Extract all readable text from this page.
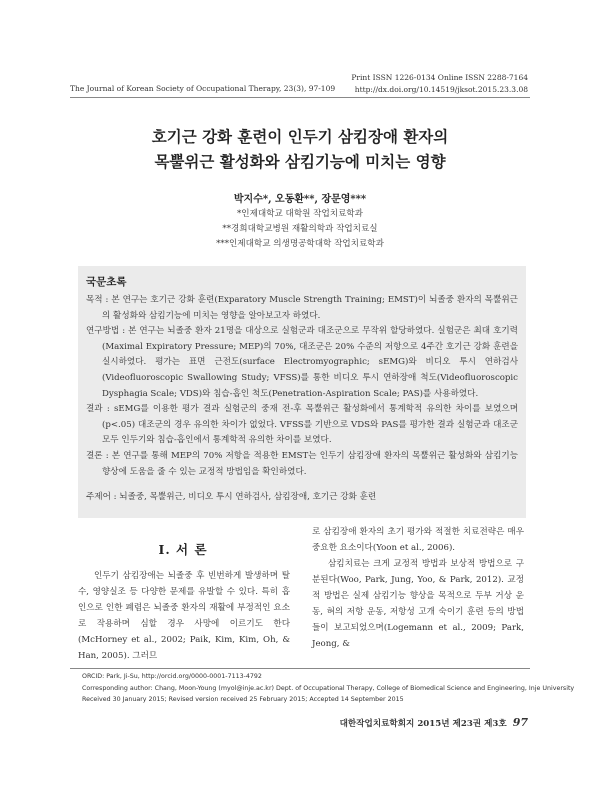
The Journal of Korean Society of Occupational Therapy, 23(3), 97-109
Print ISSN 1226-0134 Online ISSN 2288-7164
http://dx.doi.org/10.14519/jksot.2015.23.3.08
호기근 강화 훈련이 인두기 삼킴장애 환자의
목뿔위근 활성화와 삼킴기능에 미치는 영향
박지수*, 오동환**, 장문영***
*인제대학교 대학원 작업치료학과
**경희대학교병원 재활의학과 작업치료실
***인제대학교 의생명공학대학 작업치료학과
국문초록

목적 : 본 연구는 호기근 강화 훈련(Exparatory Muscle Strength Training; EMST)이 뇌졸중 환자의 목뿔위근의 활성화와 삼킴기능에 미치는 영향을 알아보고자 하였다.

연구방법 : 본 연구는 뇌졸중 환자 21명을 대상으로 실험군과 대조군으로 무작위 할당하였다. 실험군은 최대 호기력(Maximal Expiratory Pressure; MEP)의 70%, 대조군은 20% 수준의 저항으로 4주간 호기근 강화 훈련을 실시하였다. 평가는 표면 근전도(surface Electromyographic; sEMG)와 비디오 투시 연하검사(Videofluoroscopic Swallowing Study; VFSS)를 통한 비디오 투시 연하장애 척도(Videofluoroscopic Dysphagia Scale; VDS)와 침습-흡인 척도(Penetration-Aspiration Scale; PAS)를 사용하였다.

결과 : sEMG를 이용한 평가 결과 실험군의 중재 전-후 목뿔위근 활성화에서 통계학적 유의한 차이를 보였으며(p<.05) 대조군의 경우 유의한 차이가 없었다. VFSS를 기반으로 VDS와 PAS를 평가한 결과 실험군과 대조군 모두 인두기와 침습-흡인에서 통계학적 유의한 차이를 보였다.

결론 : 본 연구를 통해 MEP의 70% 저항을 적용한 EMST는 인두기 삼킴장애 환자의 목뿔위근 활성화와 삼킴기능 향상에 도움을 줄 수 있는 교정적 방법임을 확인하였다.

주제어 : 뇌졸중, 목뿔위근, 비디오 투시 연하검사, 삼킴장애, 호기근 강화 훈련
Ⅰ. 서 론

인두기 삼킴장애는 뇌졸중 후 빈번하게 발생하며 탈수, 영양실조 등 다양한 문제를 유발할 수 있다. 특히 흡인으로 인한 폐렴은 뇌졸중 환자의 재활에 부정적인 요소로 작용하며 심할 경우 사망에 이르기도 한다(McHorney et al., 2002; Paik, Kim, Kim, Oh, & Han, 2005). 그러므

로 삼킴장애 환자의 초기 평가와 적절한 치료전략은 매우 중요한 요소이다(Yoon et al., 2006).

삼킴치료는 크게 교정적 방법과 보상적 방법으로 구분된다(Woo, Park, Jung, Yoo, & Park, 2012). 교정적 방법은 실제 삼킴기능 향상을 목적으로 두부 거상 운동, 혀의 저항 운동, 저항성 고개 숙이기 훈련 등의 방법들이 보고되었으며(Logemann et al., 2009; Park, Jeong, &

ORCID: Park, Ji-Su, http://orcid.org/0000-0001-7113-4792
Corresponding author: Chang, Moon-Young (myol@inje.ac.kr) Dept. of Occupational Therapy, College of Biomedical Science and Engineering, Inje University
Received 30 January 2015; Revised version received 25 February 2015; Accepted 14 September 2015
대한작업치료학회지 2015년 제23권 제3호 97
